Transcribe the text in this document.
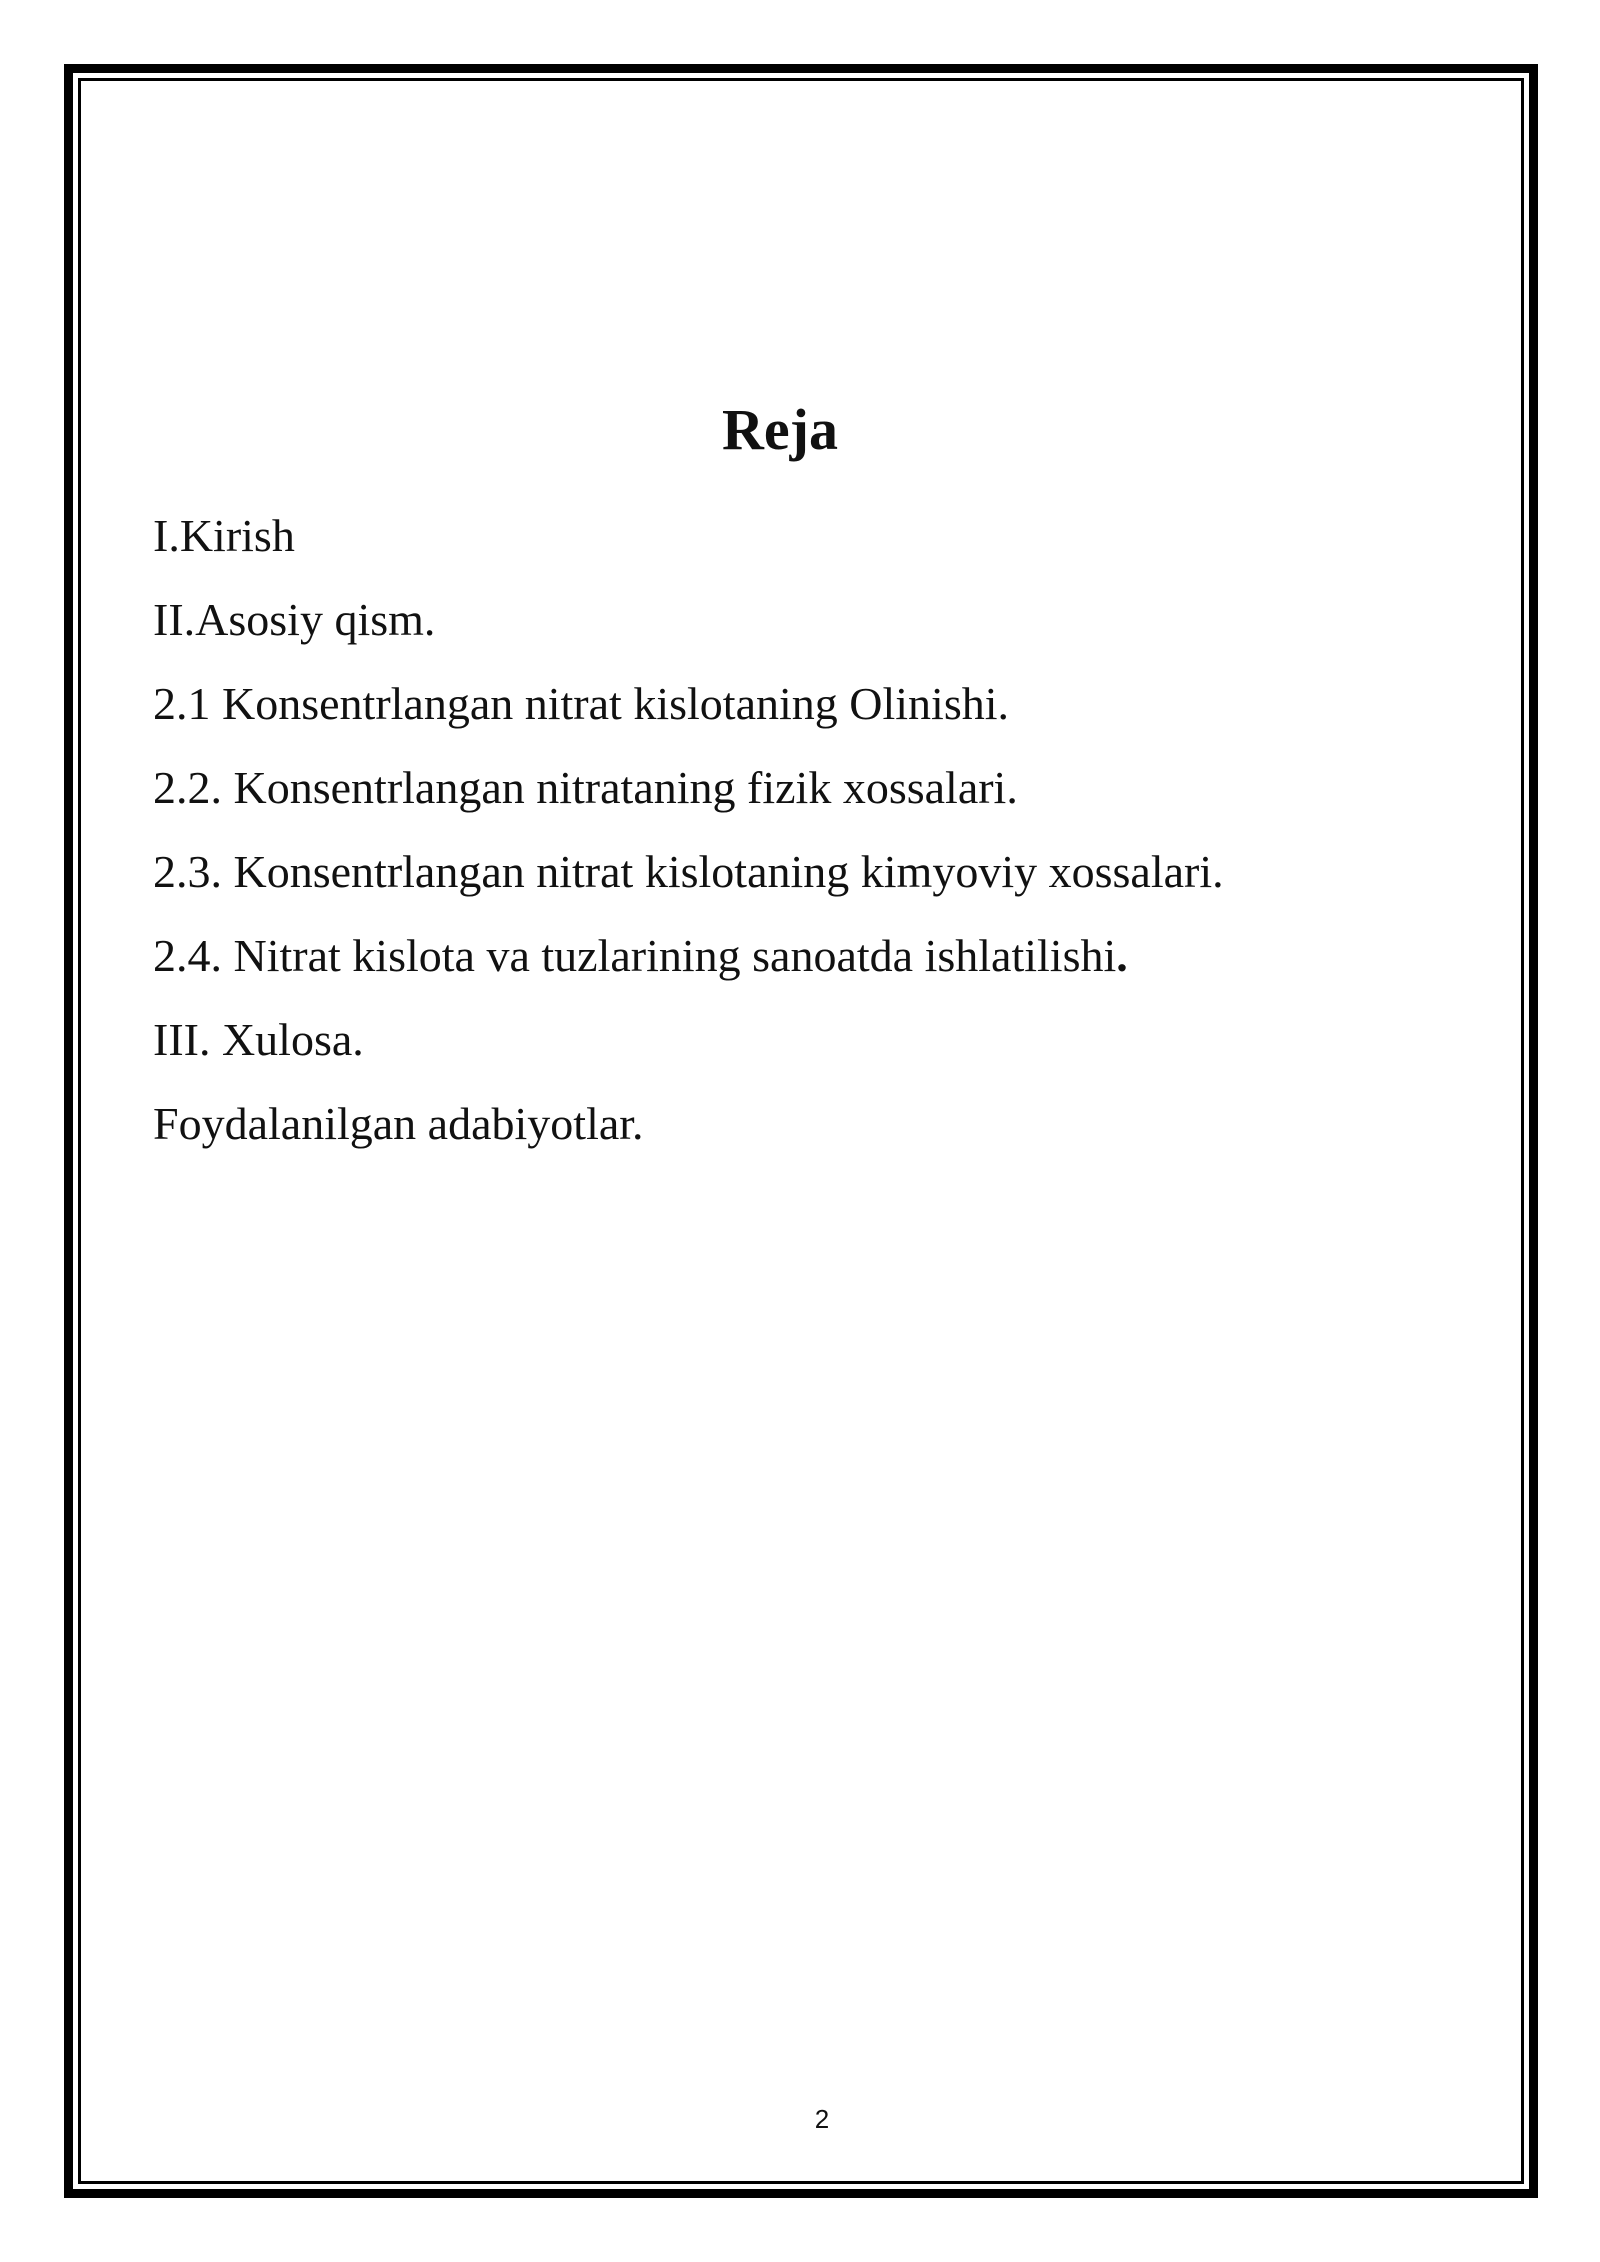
Reja
I.Kirish
II.Asosiy qism.
2.1 Konsentrlangan nitrat kislotaning Olinishi.
2.2. Konsentrlangan nitrataning fizik xossalari.
2.3. Konsentrlangan nitrat kislotaning kimyoviy xossalari.
2.4. Nitrat kislota va tuzlarining sanoatda ishlatilishi.
III. Xulosa.
Foydalanilgan adabiyotlar.
2
